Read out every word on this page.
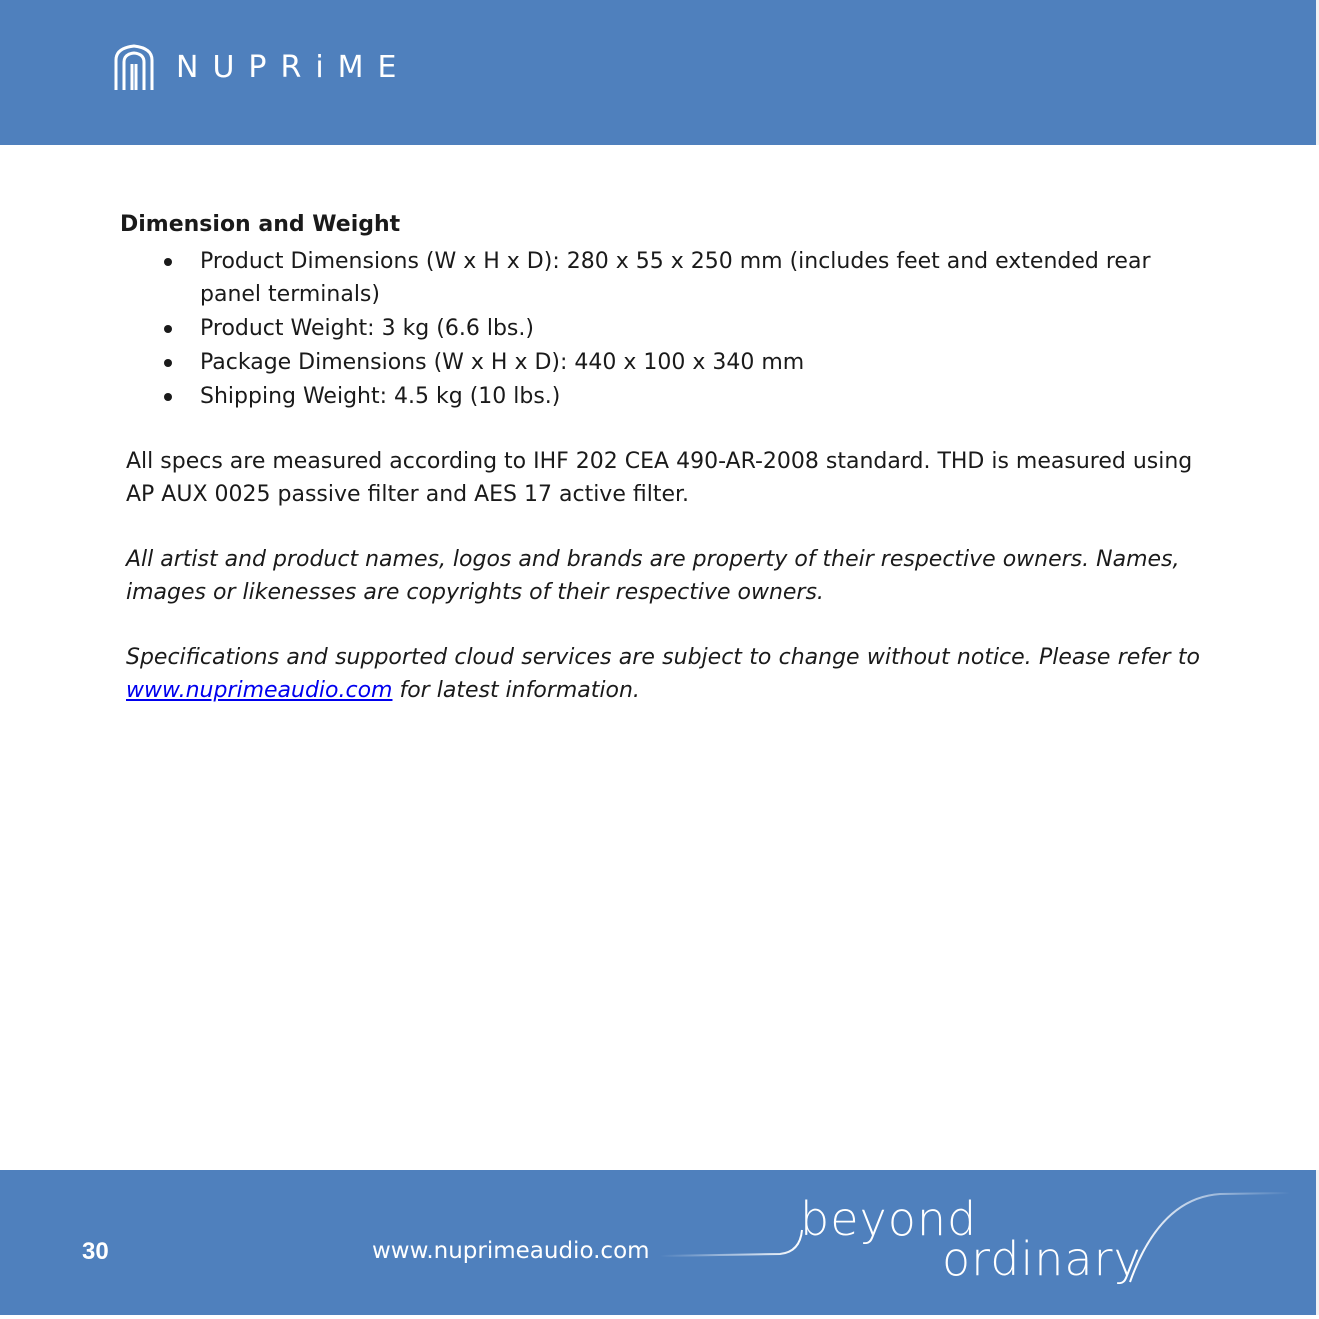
NUPRiME
Dimension and Weight
Product Dimensions (W x H x D): 280 x 55 x 250 mm (includes feet and extended rear panel terminals)
Product Weight: 3 kg (6.6 lbs.)
Package Dimensions (W x H x D): 440 x 100 x 340 mm
Shipping Weight: 4.5 kg (10 lbs.)

All specs are measured according to IHF 202 CEA 490-AR-2008 standard. THD is measured using AP AUX 0025 passive filter and AES 17 active filter.

All artist and product names, logos and brands are property of their respective owners. Names, images or likenesses are copyrights of their respective owners.

Specifications and supported cloud services are subject to change without notice. Please refer to www.nuprimeaudio.com for latest information.

30	www.nuprimeaudio.com
beyond
ordinary
